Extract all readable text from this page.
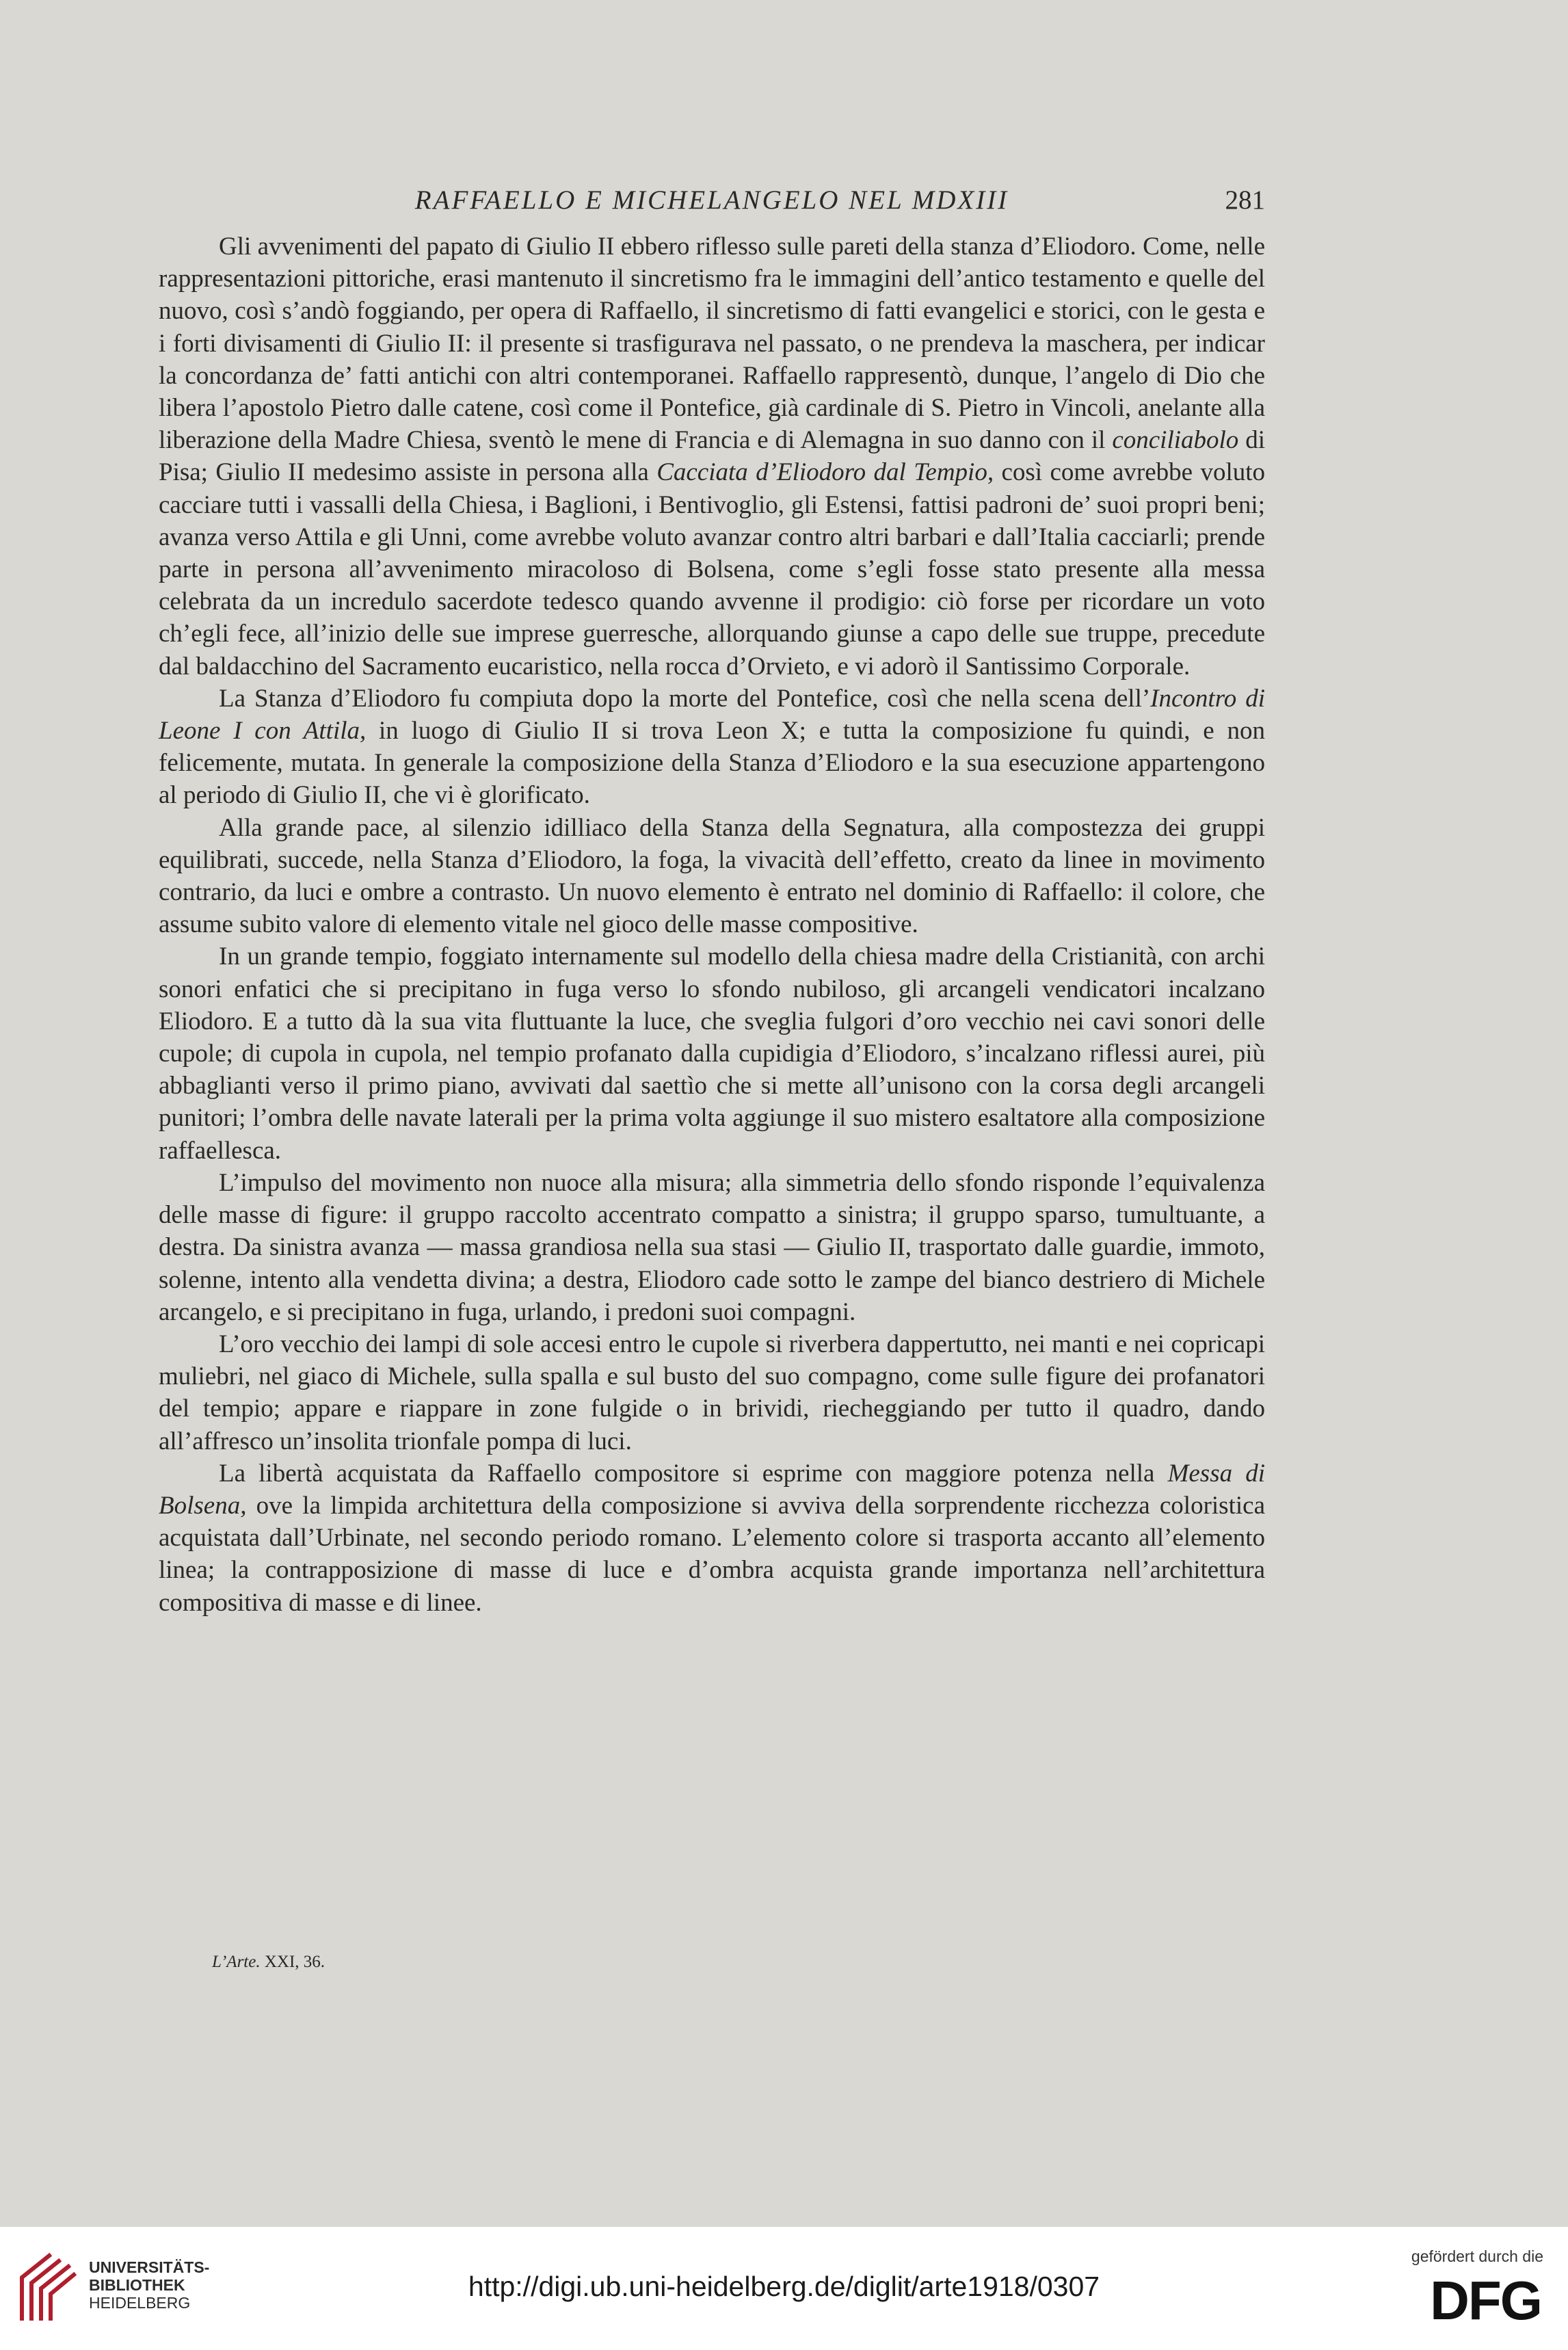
RAFFAELLO E MICHELANGELO NEL MDXIII	281

Gli avvenimenti del papato di Giulio II ebbero riflesso sulle pareti della stanza d’Eliodoro. Come, nelle rappresentazioni pittoriche, erasi mantenuto il sincretismo fra le immagini dell’antico testamento e quelle del nuovo, così s’andò foggiando, per opera di Raffaello, il sincretismo di fatti evangelici e storici, con le gesta e i forti divisamenti di Giulio II: il presente si trasfigurava nel passato, o ne prendeva la maschera, per indicar la concordanza de’ fatti antichi con altri contemporanei. Raffaello rappresentò, dunque, l’angelo di Dio che libera l’apostolo Pietro dalle catene, così come il Pontefice, già cardinale di S. Pietro in Vincoli, anelante alla liberazione della Madre Chiesa, sventò le mene di Francia e di Alemagna in suo danno con il conciliabolo di Pisa; Giulio II medesimo assiste in persona alla Cacciata d’Eliodoro dal Tempio, così come avrebbe voluto cacciare tutti i vassalli della Chiesa, i Baglioni, i Bentivoglio, gli Estensi, fattisi padroni de’ suoi propri beni; avanza verso Attila e gli Unni, come avrebbe voluto avanzar contro altri barbari e dall’Italia cacciarli; prende parte in persona all’avvenimento miracoloso di Bolsena, come s’egli fosse stato presente alla messa celebrata da un incredulo sacerdote tedesco quando avvenne il prodigio: ciò forse per ricordare un voto ch’egli fece, all’inizio delle sue imprese guerresche, allorquando giunse a capo delle sue truppe, precedute dal baldacchino del Sacramento eucaristico, nella rocca d’Orvieto, e vi adorò il Santissimo Corporale.

La Stanza d’Eliodoro fu compiuta dopo la morte del Pontefice, così che nella scena dell’Incontro di Leone I con Attila, in luogo di Giulio II si trova Leon X; e tutta la composizione fu quindi, e non felicemente, mutata. In generale la composizione della Stanza d’Eliodoro e la sua esecuzione appartengono al periodo di Giulio II, che vi è glorificato.

Alla grande pace, al silenzio idilliaco della Stanza della Segnatura, alla compostezza dei gruppi equilibrati, succede, nella Stanza d’Eliodoro, la foga, la vivacità dell’effetto, creato da linee in movimento contrario, da luci e ombre a contrasto. Un nuovo elemento è entrato nel dominio di Raffaello: il colore, che assume subito valore di elemento vitale nel gioco delle masse compositive.

In un grande tempio, foggiato internamente sul modello della chiesa madre della Cristianità, con archi sonori enfatici che si precipitano in fuga verso lo sfondo nubiloso, gli arcangeli vendicatori incalzano Eliodoro. E a tutto dà la sua vita fluttuante la luce, che sveglia fulgori d’oro vecchio nei cavi sonori delle cupole; di cupola in cupola, nel tempio profanato dalla cupidigia d’Eliodoro, s’incalzano riflessi aurei, più abbaglianti verso il primo piano, avvivati dal saettìo che si mette all’unisono con la corsa degli arcangeli punitori; l’ombra delle navate laterali per la prima volta aggiunge il suo mistero esaltatore alla composizione raffaellesca.

L’impulso del movimento non nuoce alla misura; alla simmetria dello sfondo risponde l’equivalenza delle masse di figure: il gruppo raccolto accentrato compatto a sinistra; il gruppo sparso, tumultuante, a destra. Da sinistra avanza — massa grandiosa nella sua stasi — Giulio II, trasportato dalle guardie, immoto, solenne, intento alla vendetta divina; a destra, Eliodoro cade sotto le zampe del bianco destriero di Michele arcangelo, e si precipitano in fuga, urlando, i predoni suoi compagni.

L’oro vecchio dei lampi di sole accesi entro le cupole si riverbera dappertutto, nei manti e nei copricapi muliebri, nel giaco di Michele, sulla spalla e sul busto del suo compagno, come sulle figure dei profanatori del tempio; appare e riappare in zone fulgide o in brividi, riecheggiando per tutto il quadro, dando all’affresco un’insolita trionfale pompa di luci.

La libertà acquistata da Raffaello compositore si esprime con maggiore potenza nella Messa di Bolsena, ove la limpida architettura della composizione si avviva della sorprendente ricchezza coloristica acquistata dall’Urbinate, nel secondo periodo romano. L’elemento colore si trasporta accanto all’elemento linea; la contrapposizione di masse di luce e d’ombra acquista grande importanza nell’architettura compositiva di masse e di linee.

L’Arte. XXI, 36.
UNIVERSITÄTS-
BIBLIOTHEK
HEIDELBERG
http://digi.ub.uni-heidelberg.de/diglit/arte1918/0307
gefördert durch die
DFG
